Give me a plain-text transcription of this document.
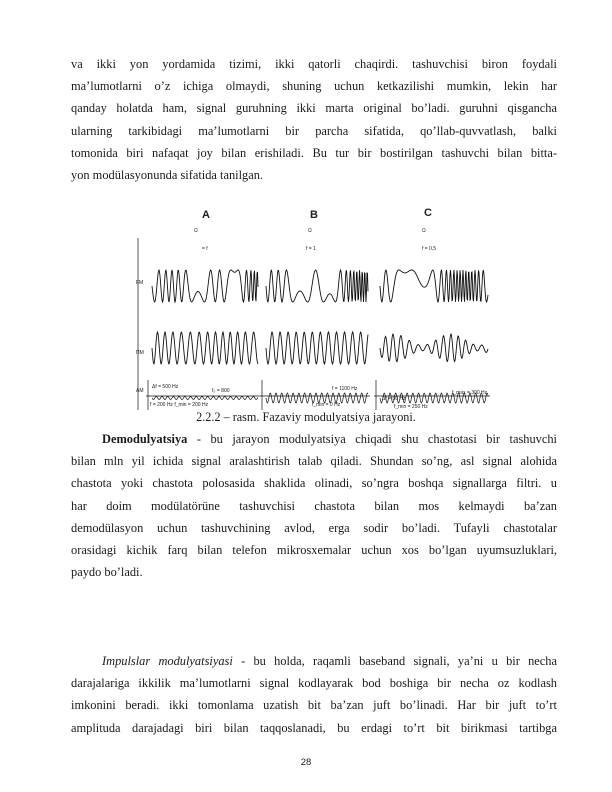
va ikki yon yordamida tizimi, ikki qatorli chaqirdi. tashuvchisi biron foydali

ma’lumotlarni o’z ichiga olmaydi, shuning uchun ketkazilishi mumkin, lekin har

qanday holatda ham, signal guruhning ikki marta original bo’ladi. guruhni qisgancha

ularning tarkibidagi ma’lumotlarni bir parcha sifatida, qo’llab-quvvatlash, balki

tomonida biri nafaqat joy bilan erishiladi. Bu tur bir bostirilgan tashuvchi bilan bitta-

yon modülasyonunda sifatida tanilgan.

A	B	C
Ω	Ω	Ω
= f	f = 1	f = 0,5
FM
ПМ
AM
Δf = 500 Hz
f₀ = 800
f = 200 Hz f_min = 200 Hz
f = 1100 Hz
f_min = 0 Hz
Δf = 50 Hz
f_max = 300 Hz
f_min = 250 Hz
2.2.2 – rasm. Fazaviy modulyatsiya jarayoni.

Demodulyatsiya - bu jarayon modulyatsiya chiqadi shu chastotasi bir tashuvchi

bilan mln yil ichida signal aralashtirish talab qiladi. Shundan so’ng, asl signal alohida

chastota yoki chastota polosasida shaklida olinadi, so’ngra boshqa signallarga filtri. u

har doim modülatörüne tashuvchisi chastota bilan mos kelmaydi ba’zan

demodülasyon uchun tashuvchining avlod, erga sodir bo’ladi. Tufayli chastotalar

orasidagi kichik farq bilan telefon mikrosxemalar uchun xos bo’lgan uyumsuzluklari,

paydo bo’ladi.

Impulslar modulyatsiyasi - bu holda, raqamli baseband signali, ya’ni u bir necha

darajalariga ikkilik ma’lumotlarni signal kodlayarak bod boshiga bir necha oz kodlash

imkonini beradi. ikki tomonlama uzatish bit ba’zan juft bo’linadi. Har bir juft to’rt

amplituda darajadagi biri bilan taqqoslanadi, bu erdagi to’rt bit birikmasi tartibga

28
